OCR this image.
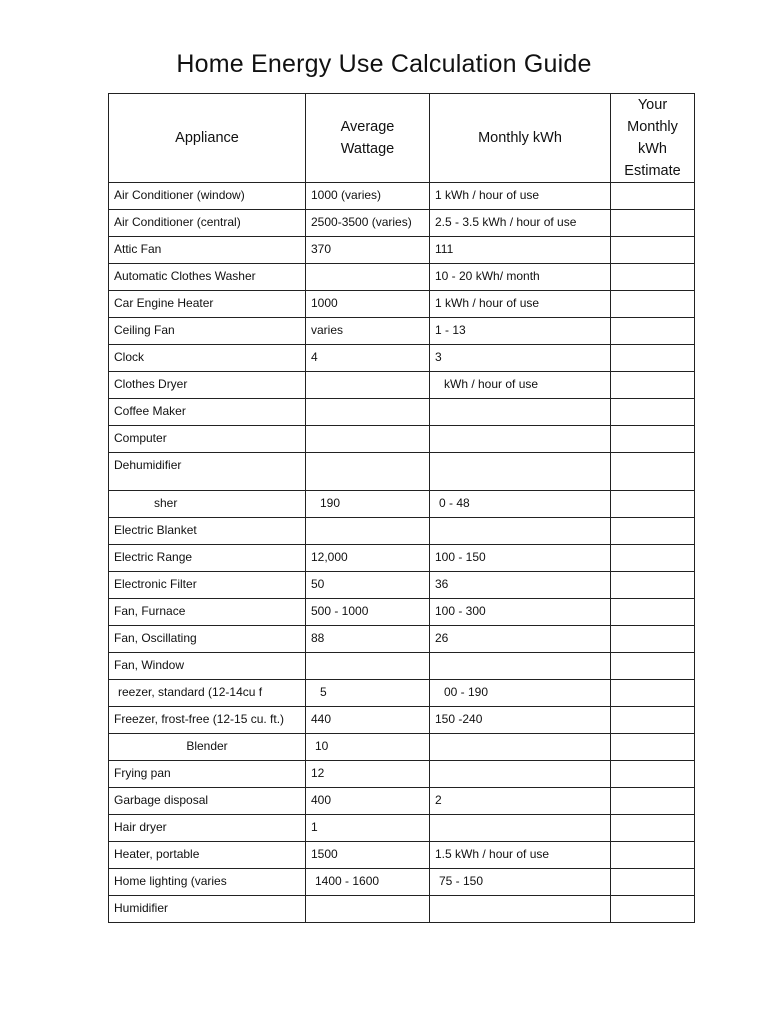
Home Energy Use Calculation Guide
Appliance	Average Wattage	Monthly kWh	Your Monthly kWh Estimate
Air Conditioner (window)	1000 (varies)	1 kWh / hour of use	
Air Conditioner (central)	2500-3500 (varies)	2.5 - 3.5 kWh / hour of use	
Attic Fan	370	111	
Automatic Clothes Washer		10 - 20 kWh/ month	
Car Engine Heater	1000	1 kWh / hour of use	
Ceiling Fan	varies	1 - 13	
Clock	4	3	
Clothes Dryer		kWh / hour of use	
Coffee Maker			
Computer			
Dehumidifier			
sher	190	0 - 48	
Electric Blanket			
Electric Range	12,000	100 - 150	
Electronic Filter	50	36	
Fan, Furnace	500 - 1000	100 - 300	
Fan, Oscillating	88	26	
Fan, Window			
reezer, standard (12-14cu f	5	00 - 190	
Freezer, frost-free (12-15 cu. ft.)	440	150 -240	
Blender	10		
Frying pan	12		
Garbage disposal	400	2	
Hair dryer	1		
Heater, portable	1500	1.5 kWh / hour of use	
Home lighting (varies	1400 - 1600	75 - 150	
Humidifier			
